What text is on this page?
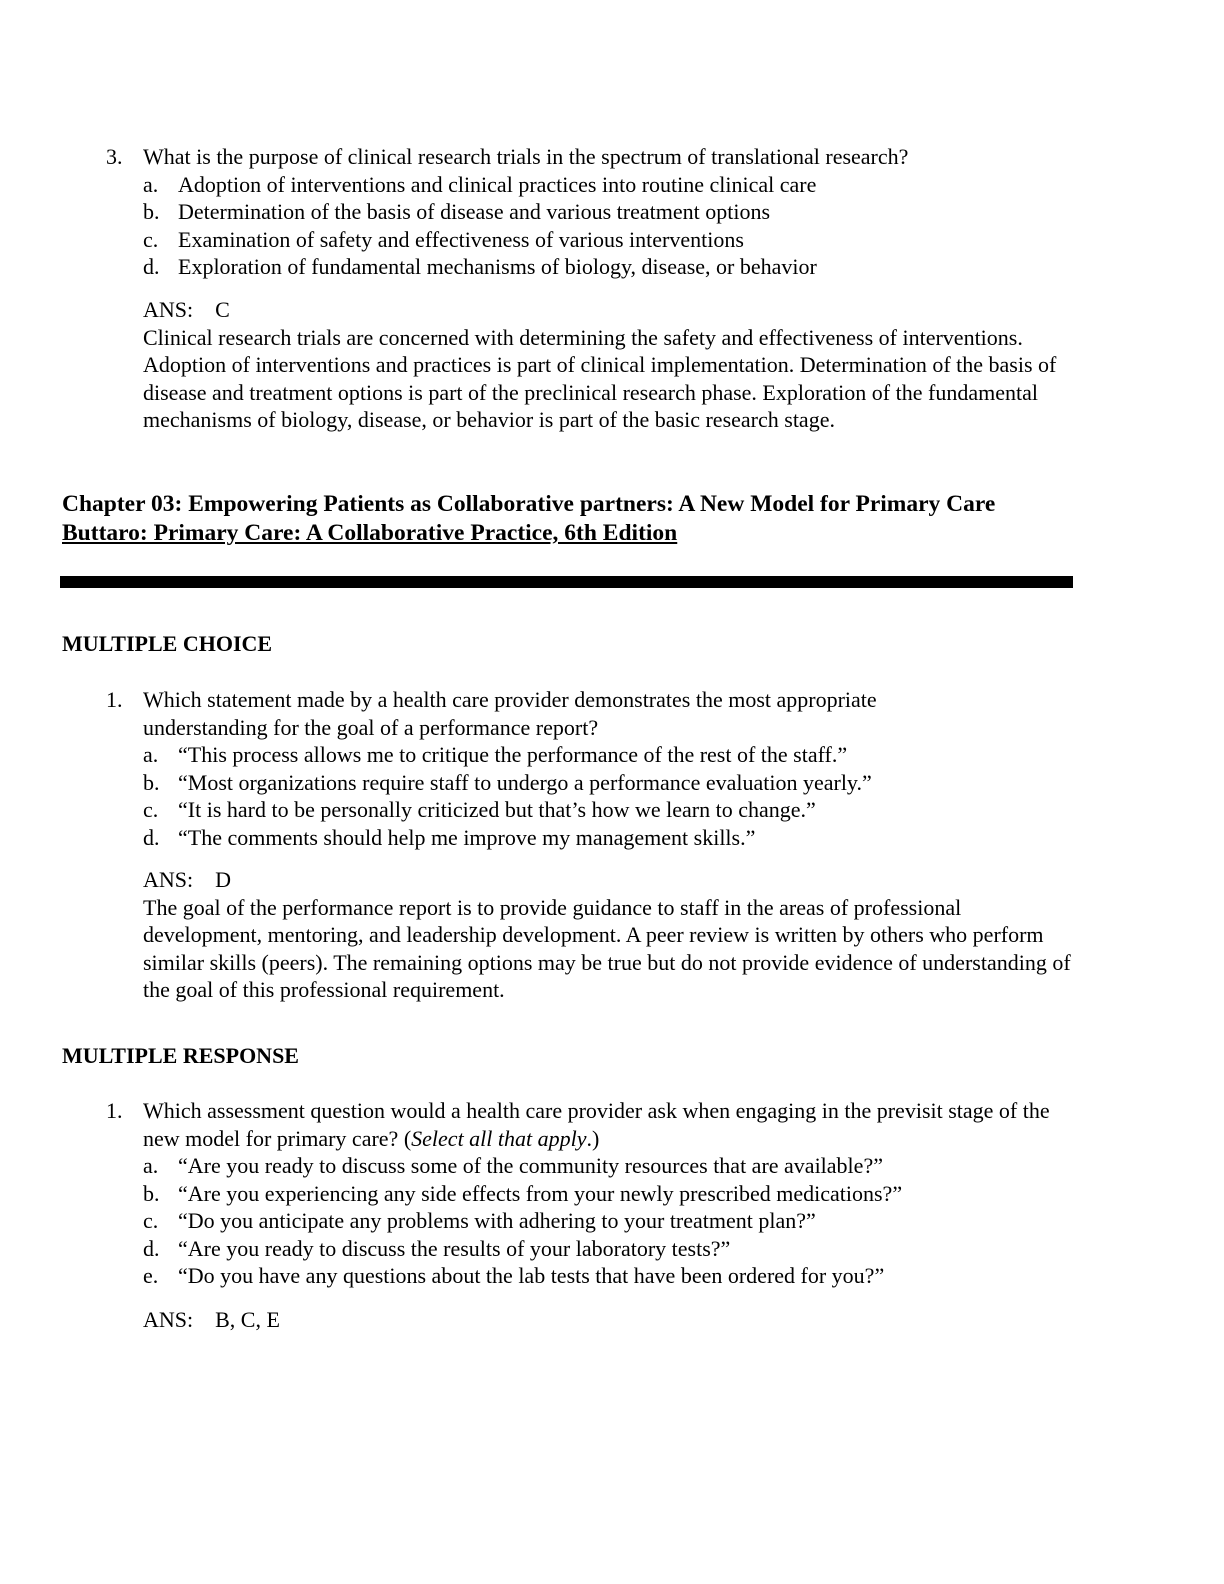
3. What is the purpose of clinical research trials in the spectrum of translational research?
a. Adoption of interventions and clinical practices into routine clinical care
b. Determination of the basis of disease and various treatment options
c. Examination of safety and effectiveness of various interventions
d. Exploration of fundamental mechanisms of biology, disease, or behavior
ANS: C
Clinical research trials are concerned with determining the safety and effectiveness of interventions. Adoption of interventions and practices is part of clinical implementation. Determination of the basis of disease and treatment options is part of the preclinical research phase. Exploration of the fundamental mechanisms of biology, disease, or behavior is part of the basic research stage.
Chapter 03: Empowering Patients as Collaborative partners: A New Model for Primary Care
Buttaro: Primary Care: A Collaborative Practice, 6th Edition
MULTIPLE CHOICE
1. Which statement made by a health care provider demonstrates the most appropriate understanding for the goal of a performance report?
a. “This process allows me to critique the performance of the rest of the staff.”
b. “Most organizations require staff to undergo a performance evaluation yearly.”
c. “It is hard to be personally criticized but that’s how we learn to change.”
d. “The comments should help me improve my management skills.”
ANS: D
The goal of the performance report is to provide guidance to staff in the areas of professional development, mentoring, and leadership development. A peer review is written by others who perform similar skills (peers). The remaining options may be true but do not provide evidence of understanding of the goal of this professional requirement.
MULTIPLE RESPONSE
1. Which assessment question would a health care provider ask when engaging in the previsit stage of the new model for primary care? (Select all that apply.)
a. “Are you ready to discuss some of the community resources that are available?”
b. “Are you experiencing any side effects from your newly prescribed medications?”
c. “Do you anticipate any problems with adhering to your treatment plan?”
d. “Are you ready to discuss the results of your laboratory tests?”
e. “Do you have any questions about the lab tests that have been ordered for you?”
ANS: B, C, E
